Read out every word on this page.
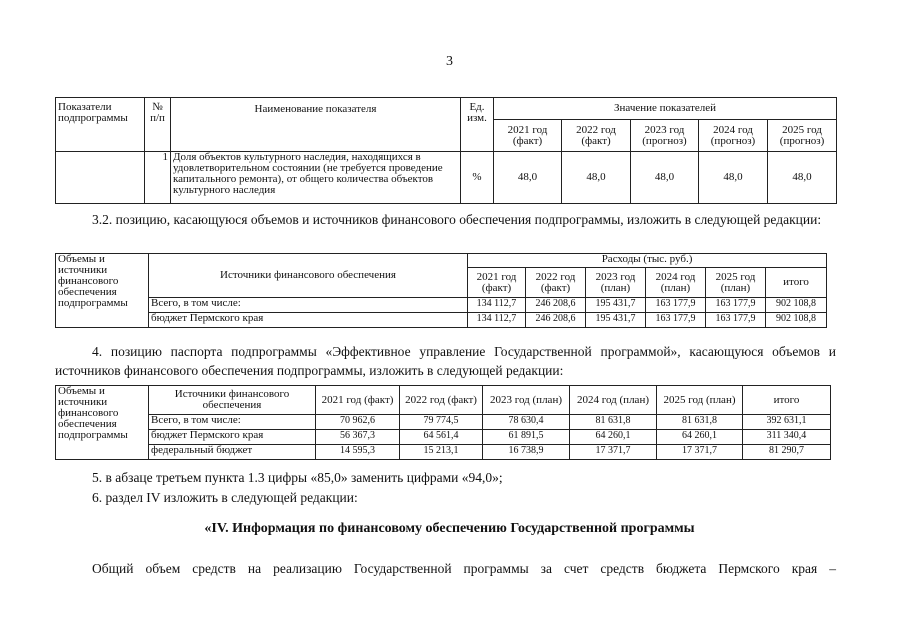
3
Показатели подпрограммы	№ п/п	Наименование показателя	Ед. изм.	Значение показателей				
				2021 год (факт)	2022 год (факт)	2023 год (прогноз)	2024 год (прогноз)	2025 год (прогноз)
	1	Доля объектов культурного наследия, находящихся в удовлетворительном состоянии (не требуется проведение капитального ремонта), от общего количества объектов культурного наследия	%	48,0	48,0	48,0	48,0	48,0
3.2. позицию, касающуюся объемов и источников финансового обеспечения подпрограммы, изложить в следующей редакции:
Объемы и источники финансового обеспечения подпрограммы	Источники финансового обеспечения	Расходы (тыс. руб.)					
		2021 год (факт)	2022 год (факт)	2023 год (план)	2024 год (план)	2025 год (план)	итого
	Всего, в том числе:	134 112,7	246 208,6	195 431,7	163 177,9	163 177,9	902 108,8
	бюджет Пермского края	134 112,7	246 208,6	195 431,7	163 177,9	163 177,9	902 108,8
4. позицию паспорта подпрограммы «Эффективное управление Государственной программой», касающуюся объемов и источников финансового обеспечения подпрограммы, изложить в следующей редакции:
Объемы и источники финансового обеспечения подпрограммы	Источники финансового обеспечения	2021 год (факт)	2022 год (факт)	2023 год (план)	2024 год (план)	2025 год (план)	итого
	Всего, в том числе:	70 962,6	79 774,5	78 630,4	81 631,8	81 631,8	392 631,1
	бюджет Пермского края	56 367,3	64 561,4	61 891,5	64 260,1	64 260,1	311 340,4
	федеральный бюджет	14 595,3	15 213,1	16 738,9	17 371,7	17 371,7	81 290,7
5. в абзаце третьем пункта 1.3 цифры «85,0» заменить цифрами «94,0»;
6. раздел IV изложить в следующей редакции:
«IV. Информация по финансовому обеспечению Государственной программы
Общий объем средств на реализацию Государственной программы за счет средств бюджета Пермского края –
